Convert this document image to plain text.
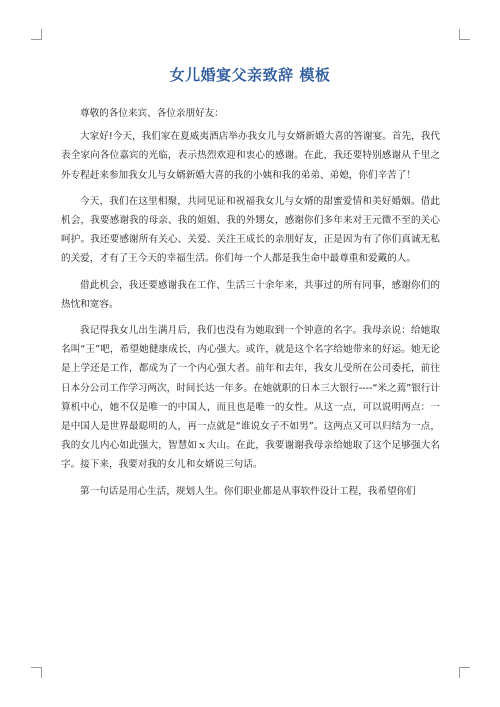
女儿婚宴父亲致辞 模板

尊敬的各位来宾、各位亲朋好友：

大家好!今天，我们家在夏威夷酒店举办我女儿与女婿新婚大喜的答谢宴。首先，我代表全家向各位嘉宾的光临，表示热烈欢迎和衷心的感谢。在此，我还要特别感谢从千里之外专程赶来参加我女儿与女婿新婚大喜的我的小姨和我的弟弟、弟媳，你们辛苦了！

今天，我们在这里相聚，共同见证和祝福我女儿与女婿的甜蜜爱情和美好婚姻。借此机会，我要感谢我的母亲、我的姐姐、我的外甥女，感谢你们多年来对王元微不至的关心呵护。我还要感谢所有关心、关爱、关注王成长的亲朋好友，正是因为有了你们真诚无私的关爱，才有了王今天的幸福生活。你们每一个人都是我生命中最尊重和爱戴的人。

借此机会，我还要感谢我在工作、生活三十余年来，共事过的所有同事，感谢你们的热忱和宽容。

我记得我女儿出生满月后，我们也没有为她取到一个钟意的名字。我母亲说：给她取名叫“王”吧，希望她健康成长，内心强大。或许，就是这个名字给她带来的好运。她无论是上学还是工作，都成为了一个内心强大者。前年和去年，我女儿受所在公司委托，前往日本分公司工作学习两次，时间长达一年多。在她就职的日本三大银行----“米之蔫”银行计算机中心，她不仅是唯一的中国人，而且也是唯一的女性。从这一点，可以说明两点：一是中国人是世界最聪明的人，再一点就是“谁说女子不如男”。这两点又可以归结为一点，我的女儿内心如此强大，智慧如ｘ大山。在此，我要谢谢我母亲给她取了这个足够强大名字。接下来，我要对我的女儿和女婿说三句话。

第一句话是用心生活，规划人生。你们职业都是从事软件设计工程，我希望你们
